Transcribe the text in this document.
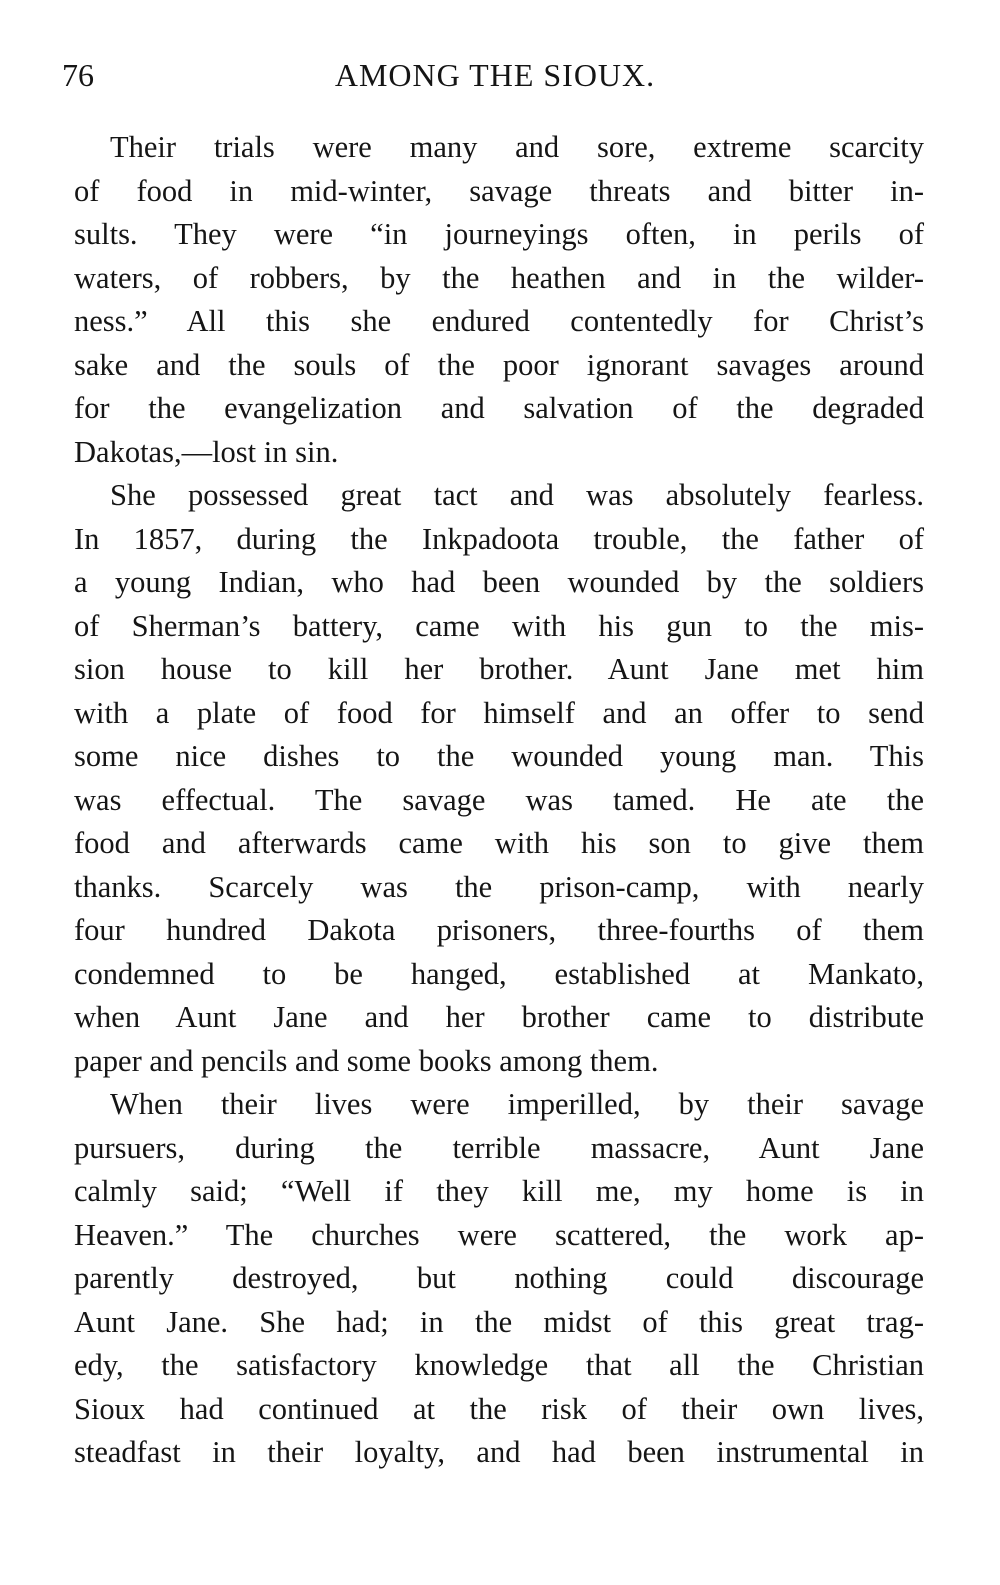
76	AMONG THE SIOUX.

Their trials were many and sore, extreme scarcity
of food in mid-winter, savage threats and bitter in-
sults. They were “in journeyings often, in perils of
waters, of robbers, by the heathen and in the wilder-
ness.” All this she endured contentedly for Christ’s
sake and the souls of the poor ignorant savages around
for the evangelization and salvation of the degraded
Dakotas,—lost in sin.

She possessed great tact and was absolutely fearless.
In 1857, during the Inkpadoota trouble, the father of
a young Indian, who had been wounded by the soldiers
of Sherman’s battery, came with his gun to the mis-
sion house to kill her brother. Aunt Jane met him
with a plate of food for himself and an offer to send
some nice dishes to the wounded young man. This
was effectual. The savage was tamed. He ate the
food and afterwards came with his son to give them
thanks. Scarcely was the prison-camp, with nearly
four hundred Dakota prisoners, three-fourths of them
condemned to be hanged, established at Mankato,
when Aunt Jane and her brother came to distribute
paper and pencils and some books among them.

When their lives were imperilled, by their savage
pursuers, during the terrible massacre, Aunt Jane
calmly said; “Well if they kill me, my home is in
Heaven.” The churches were scattered, the work ap-
parently destroyed, but nothing could discourage
Aunt Jane. She had; in the midst of this great trag-
edy, the satisfactory knowledge that all the Christian
Sioux had continued at the risk of their own lives,
steadfast in their loyalty, and had been instrumental in
